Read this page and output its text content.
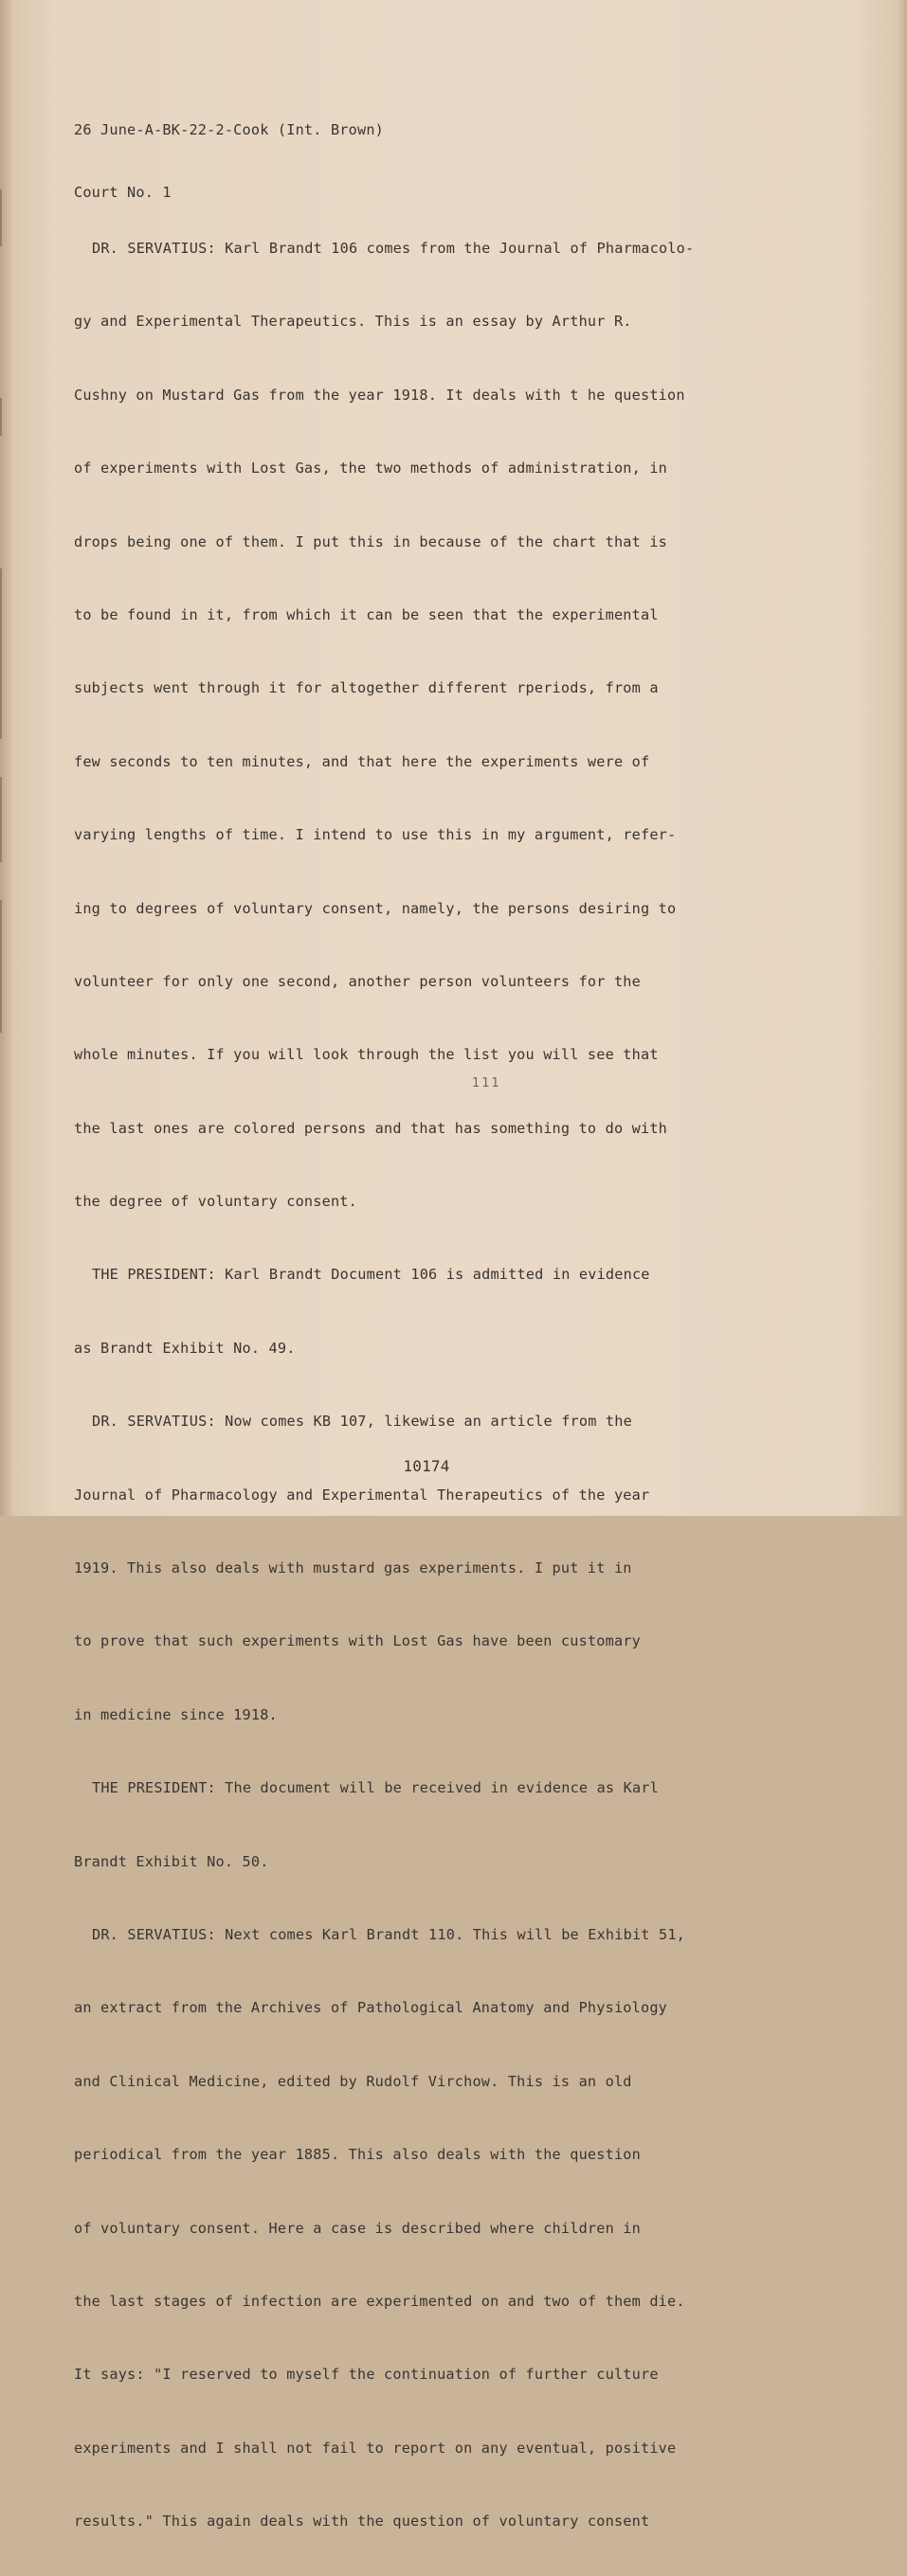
26 June-A-BK-22-2-Cook (Int. Brown)

Court No. 1

DR. SERVATIUS: Karl Brandt 106 comes from the Journal of Pharmacolo-

gy and Experimental Therapeutics. This is an essay by Arthur R.

Cushny on Mustard Gas from the year 1918. It deals with t he question

of experiments with Lost Gas, the two methods of administration, in

drops being one of them. I put this in because of the chart that is

to be found in it, from which it can be seen that the experimental

subjects went through it for altogether different rperiods, from a

few seconds to ten minutes, and that here the experiments were of

varying lengths of time. I intend to use this in my argument, refer-

ing to degrees of voluntary consent, namely, the persons desiring to

volunteer for only one second, another person volunteers for the

whole minutes. If you will look through the list you will see that

the last ones are colored persons and that has something to do with

the degree of voluntary consent.

THE PRESIDENT: Karl Brandt Document 106 is admitted in evidence

as Brandt Exhibit No. 49.

DR. SERVATIUS: Now comes KB 107, likewise an article from the

Journal of Pharmacology and Experimental Therapeutics of the year

1919. This also deals with mustard gas experiments. I put it in

to prove that such experiments with Lost Gas have been customary

in medicine since 1918.

THE PRESIDENT: The document will be received in evidence as Karl

Brandt Exhibit No. 50.

DR. SERVATIUS: Next comes Karl Brandt 110. This will be Exhibit 51,

an extract from the Archives of Pathological Anatomy and Physiology

and Clinical Medicine, edited by Rudolf Virchow. This is an old

periodical from the year 1885. This also deals with the question

of voluntary consent. Here a case is described where children in

the last stages of infection are experimented on and two of them die.

It says: "I reserved to myself the continuation of further culture

experiments and I shall not fail to report on any eventual, positive

results." This again deals with the question of voluntary consent

111
10174
